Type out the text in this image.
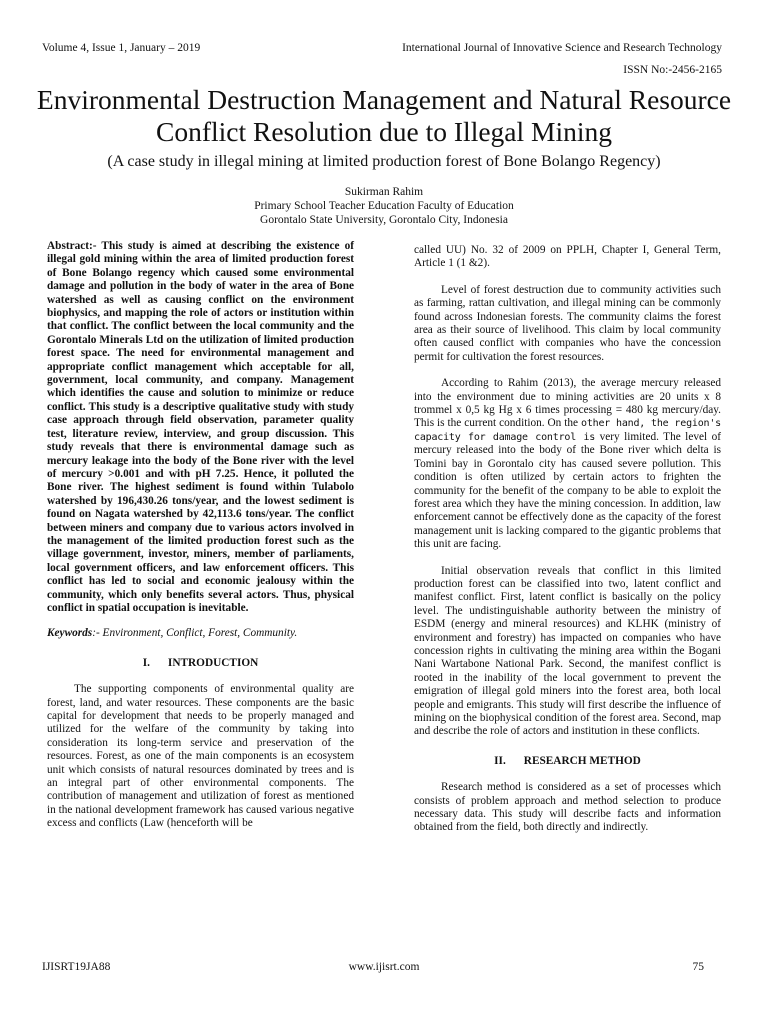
Volume 4, Issue 1, January – 2019	International Journal of Innovative Science and Research Technology
ISSN No:-2456-2165
Environmental Destruction Management and Natural Resource Conflict Resolution due to Illegal Mining
(A case study in illegal mining at limited production forest of Bone Bolango Regency)
Sukirman Rahim
Primary School Teacher Education Faculty of Education
Gorontalo State University, Gorontalo City, Indonesia

Abstract:- This study is aimed at describing the existence of illegal gold mining within the area of limited production forest of Bone Bolango regency which caused some environmental damage and pollution in the body of water in the area of Bone watershed as well as causing conflict on the environment biophysics, and mapping the role of actors or institution within that conflict. The conflict between the local community and the Gorontalo Minerals Ltd on the utilization of limited production forest space. The need for environmental management and appropriate conflict management which acceptable for all, government, local community, and company. Management which identifies the cause and solution to minimize or reduce conflict. This study is a descriptive qualitative study with study case approach through field observation, parameter quality test, literature review, interview, and group discussion. This study reveals that there is environmental damage such as mercury leakage into the body of the Bone river with the level of mercury >0.001 and with pH 7.25. Hence, it polluted the Bone river. The highest sediment is found within Tulabolo watershed by 196,430.26 tons/year, and the lowest sediment is found on Nagata watershed by 42,113.6 tons/year. The conflict between miners and company due to various actors involved in the management of the limited production forest such as the village government, investor, miners, member of parliaments, local government officers, and law enforcement officers. This conflict has led to social and economic jealousy within the community, which only benefits several actors. Thus, physical conflict in spatial occupation is inevitable.

Keywords:- Environment, Conflict, Forest, Community.

I. INTRODUCTION

The supporting components of environmental quality are forest, land, and water resources. These components are the basic capital for development that needs to be properly managed and utilized for the welfare of the community by taking into consideration its long-term service and preservation of the resources. Forest, as one of the main components is an ecosystem unit which consists of natural resources dominated by trees and is an integral part of other environmental components. The contribution of management and utilization of forest as mentioned in the national development framework has caused various negative excess and conflicts (Law (henceforth will be

called UU) No. 32 of 2009 on PPLH, Chapter I, General Term, Article 1 (1 &2).

Level of forest destruction due to community activities such as farming, rattan cultivation, and illegal mining can be commonly found across Indonesian forests. The community claims the forest area as their source of livelihood. This claim by local community often caused conflict with companies who have the concession permit for cultivation the forest resources.

According to Rahim (2013), the average mercury released into the environment due to mining activities are 20 units x 8 trommel x 0,5 kg Hg x 6 times processing = 480 kg mercury/day. This is the current condition. On the other hand, the region's capacity for damage control is very limited. The level of mercury released into the body of the Bone river which delta is Tomini bay in Gorontalo city has caused severe pollution. This condition is often utilized by certain actors to frighten the community for the benefit of the company to be able to exploit the forest area which they have the mining concession. In addition, law enforcement cannot be effectively done as the capacity of the forest management unit is lacking compared to the gigantic problems that this unit are facing.

Initial observation reveals that conflict in this limited production forest can be classified into two, latent conflict and manifest conflict. First, latent conflict is basically on the policy level. The undistinguishable authority between the ministry of ESDM (energy and mineral resources) and KLHK (ministry of environment and forestry) has impacted on companies who have concession rights in cultivating the mining area within the Bogani Nani Wartabone National Park. Second, the manifest conflict is rooted in the inability of the local government to prevent the emigration of illegal gold miners into the forest area, both local people and emigrants. This study will first describe the influence of mining on the biophysical condition of the forest area. Second, map and describe the role of actors and institution in these conflicts.

II. RESEARCH METHOD

Research method is considered as a set of processes which consists of problem approach and method selection to produce necessary data. This study will describe facts and information obtained from the field, both directly and indirectly.

IJISRT19JA88	www.ijisrt.com	75
